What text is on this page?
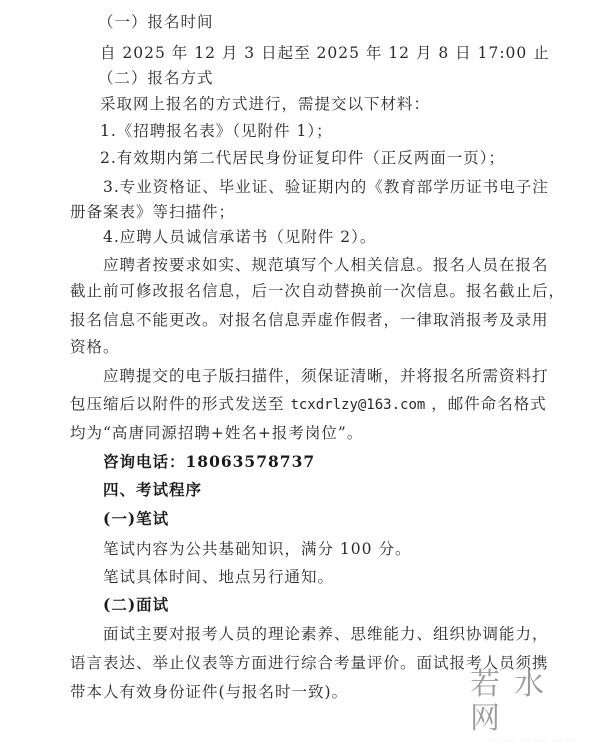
（一）报名时间
自 2025 年 12 月 3 日起至 2025 年 12 月 8 日 17:00 止
（二）报名方式
采取网上报名的方式进行，需提交以下材料：
1.《招聘报名表》（见附件 1）；
2.有效期内第二代居民身份证复印件（正反两面一页）；
3.专业资格证、毕业证、验证期内的《教育部学历证书电子注
册备案表》等扫描件；
4.应聘人员诚信承诺书（见附件 2）。
应聘者按要求如实、规范填写个人相关信息。报名人员在报名
截止前可修改报名信息，后一次自动替换前一次信息。报名截止后，
报名信息不能更改。对报名信息弄虚作假者，一律取消报考及录用
资格。
应聘提交的电子版扫描件，须保证清晰，并将报名所需资料打
包压缩后以附件的形式发送至 tcxdrlzy@163.com ，邮件命名格式
均为“高唐同源招聘+姓名+报考岗位”。
咨询电话：18063578737
四、考试程序
(一)笔试
笔试内容为公共基础知识，满分 100 分。
笔试具体时间、地点另行通知。
(二)面试
面试主要对报考人员的理论素养、思维能力、组织协调能力，
语言表达、举止仪表等方面进行综合考量评价。面试报考人员须携
带本人有效身份证件(与报名时一致)。	若水网
········ ········ ········
